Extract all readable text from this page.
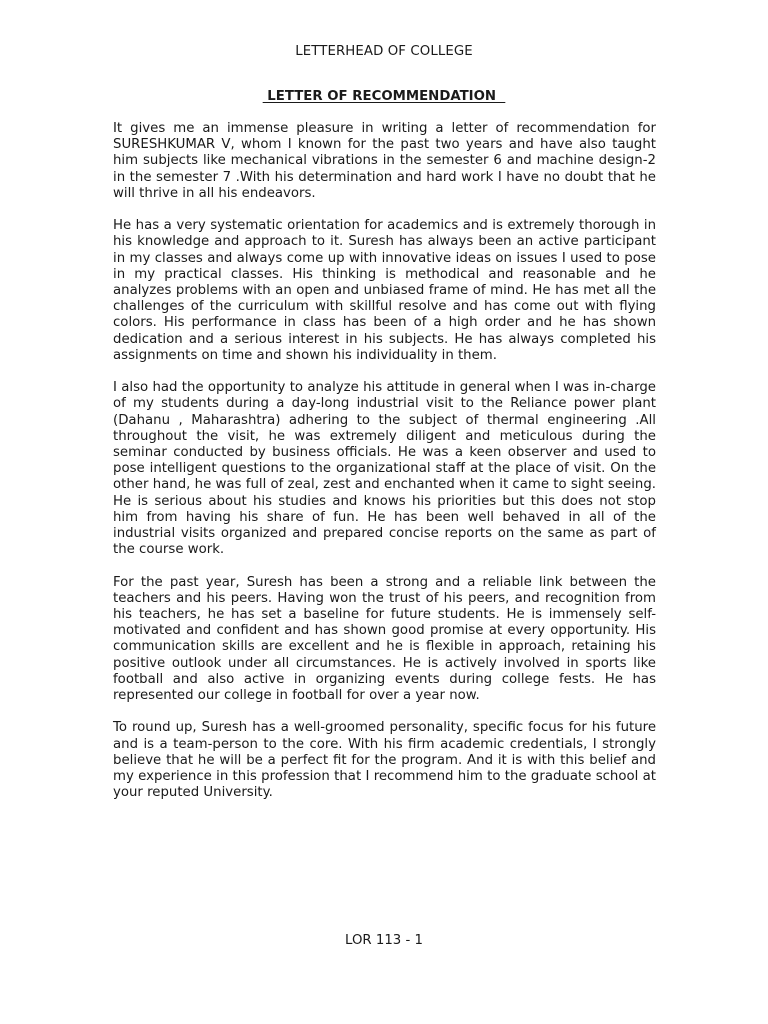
LETTERHEAD OF COLLEGE
LETTER OF RECOMMENDATION

It gives me an immense pleasure in writing a letter of recommendation for SURESHKUMAR V, whom I known for the past two years and have also taught him subjects like mechanical vibrations in the semester 6 and machine design-2 in the semester 7 .With his determination and hard work I have no doubt that he will thrive in all his endeavors.

He has a very systematic orientation for academics and is extremely thorough in his knowledge and approach to it. Suresh has always been an active participant in my classes and always come up with innovative ideas on issues I used to pose in my practical classes. His thinking is methodical and reasonable and he analyzes problems with an open and unbiased frame of mind. He has met all the challenges of the curriculum with skillful resolve and has come out with flying colors. His performance in class has been of a high order and he has shown dedication and a serious interest in his subjects. He has always completed his assignments on time and shown his individuality in them.

I also had the opportunity to analyze his attitude in general when I was in-charge of my students during a day-long industrial visit to the Reliance power plant (Dahanu , Maharashtra) adhering to the subject of thermal engineering .All throughout the visit, he was extremely diligent and meticulous during the seminar conducted by business officials. He was a keen observer and used to pose intelligent questions to the organizational staff at the place of visit. On the other hand, he was full of zeal, zest and enchanted when it came to sight seeing. He is serious about his studies and knows his priorities but this does not stop him from having his share of fun. He has been well behaved in all of the industrial visits organized and prepared concise reports on the same as part of the course work.

For the past year, Suresh has been a strong and a reliable link between the teachers and his peers. Having won the trust of his peers, and recognition from his teachers, he has set a baseline for future students. He is immensely self-motivated and confident and has shown good promise at every opportunity. His communication skills are excellent and he is flexible in approach, retaining his positive outlook under all circumstances. He is actively involved in sports like football and also active in organizing events during college fests. He has represented our college in football for over a year now.

To round up, Suresh has a well-groomed personality, specific focus for his future and is a team-person to the core. With his firm academic credentials, I strongly believe that he will be a perfect fit for the program. And it is with this belief and my experience in this profession that I recommend him to the graduate school at your reputed University.

LOR 113 - 1
